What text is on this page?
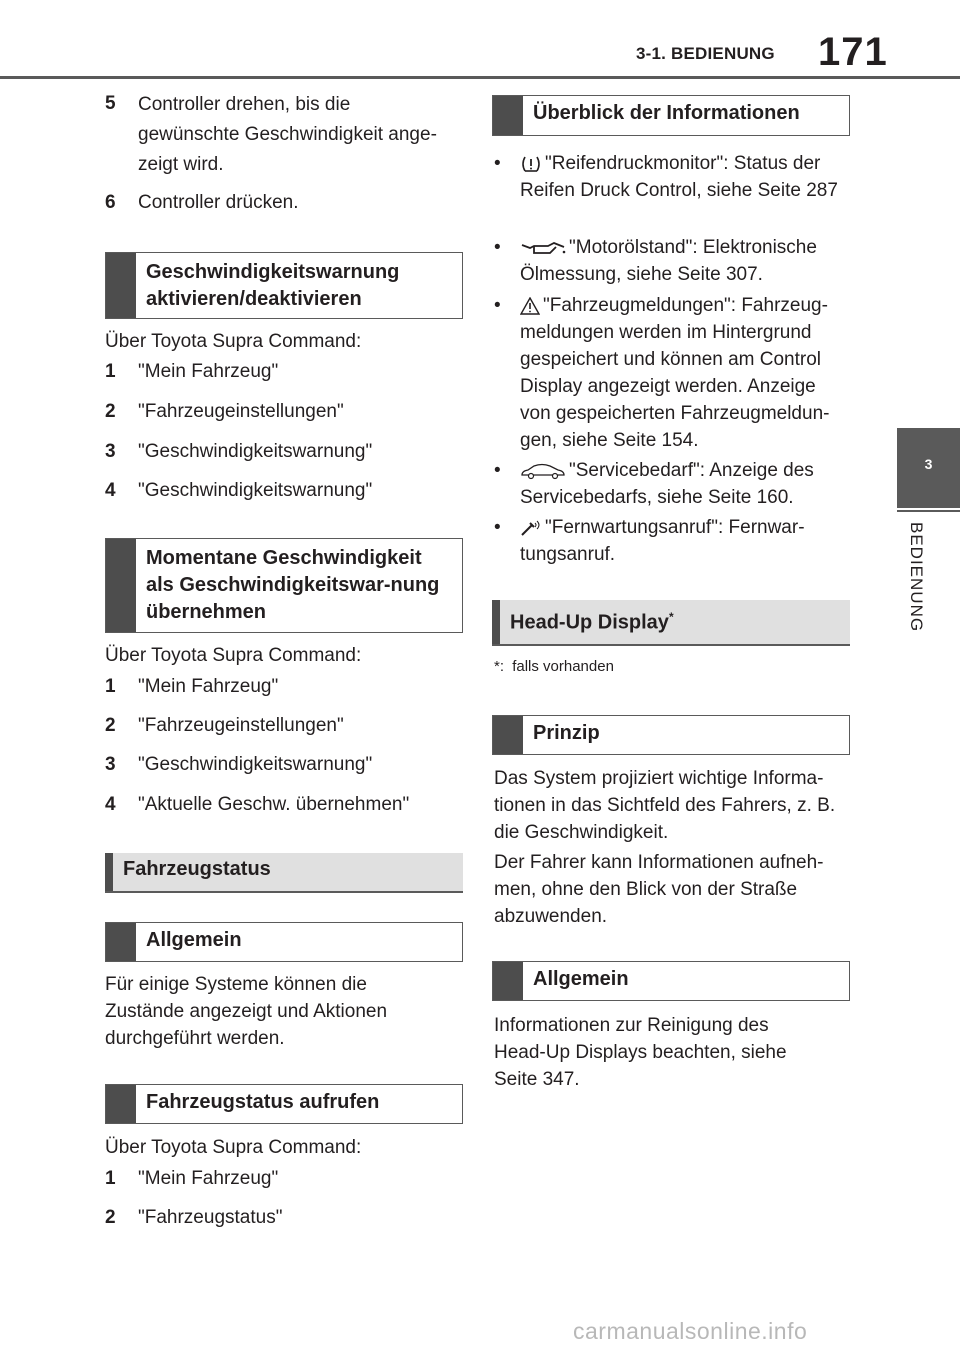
3-1. BEDIENUNG 171
3
BEDIENUNG
5 Controller drehen, bis die gewünschte Geschwindigkeit ange-zeigt wird.
6 Controller drücken.
Geschwindigkeitswarnung aktivieren/deaktivieren
Über Toyota Supra Command:
1 "Mein Fahrzeug"
2 "Fahrzeugeinstellungen"
3 "Geschwindigkeitswarnung"
4 "Geschwindigkeitswarnung"
Momentane Geschwindigkeit als Geschwindigkeitswar-nung übernehmen
Über Toyota Supra Command:
1 "Mein Fahrzeug"
2 "Fahrzeugeinstellungen"
3 "Geschwindigkeitswarnung"
4 "Aktuelle Geschw. übernehmen"
Fahrzeugstatus
Allgemein
Für einige Systeme können die Zustände angezeigt und Aktionen durchgeführt werden.
Fahrzeugstatus aufrufen
Über Toyota Supra Command:
1 "Mein Fahrzeug"
2 "Fahrzeugstatus"
Überblick der Informationen
•	"Reifendruckmonitor": Status der Reifen Druck Control, siehe Seite 287
•	"Motorölstand": Elektronische Ölmessung, siehe Seite 307.
•	"Fahrzeugmeldungen": Fahrzeug-meldungen werden im Hintergrund gespeichert und können am Control Display angezeigt werden. Anzeige von gespeicherten Fahrzeugmeldun-gen, siehe Seite 154.
•	"Servicebedarf": Anzeige des Servicebedarfs, siehe Seite 160.
•	"Fernwartungsanruf": Fernwar-tungsanruf.
Head-Up Display*
*: falls vorhanden
Prinzip
Das System projiziert wichtige Informa-tionen in das Sichtfeld des Fahrers, z. B. die Geschwindigkeit.
Der Fahrer kann Informationen aufneh-men, ohne den Blick von der Straße abzuwenden.
Allgemein
Informationen zur Reinigung des Head-Up Displays beachten, siehe Seite 347.
carmanualsonline.info
